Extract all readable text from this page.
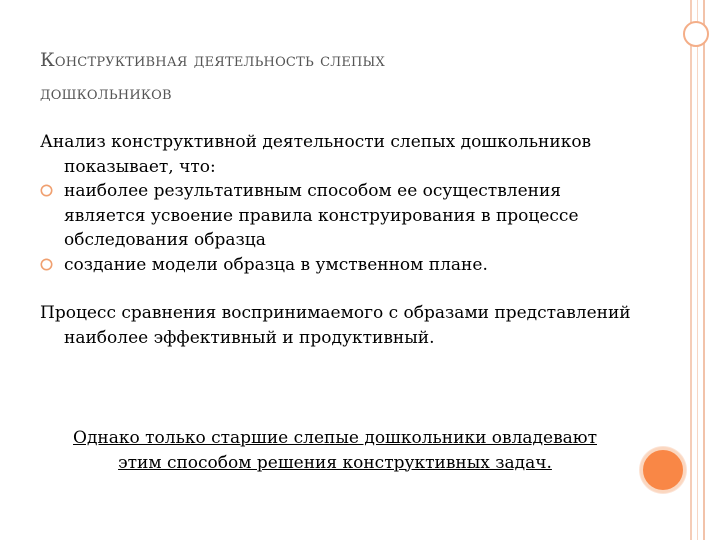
Конструктивная деятельность слепых
дошкольников

Анализ конструктивной деятельности слепых дошкольников показывает, что:

наиболее результативным способом ее осуществления является усвоение правила конструирования в процессе обследования образца
создание модели образца в умственном плане.

Процесс сравнения воспринимаемого с образами представлений наиболее эффективный и продуктивный.

Однако только старшие слепые дошкольники овладевают этим способом решения конструктивных задач.
